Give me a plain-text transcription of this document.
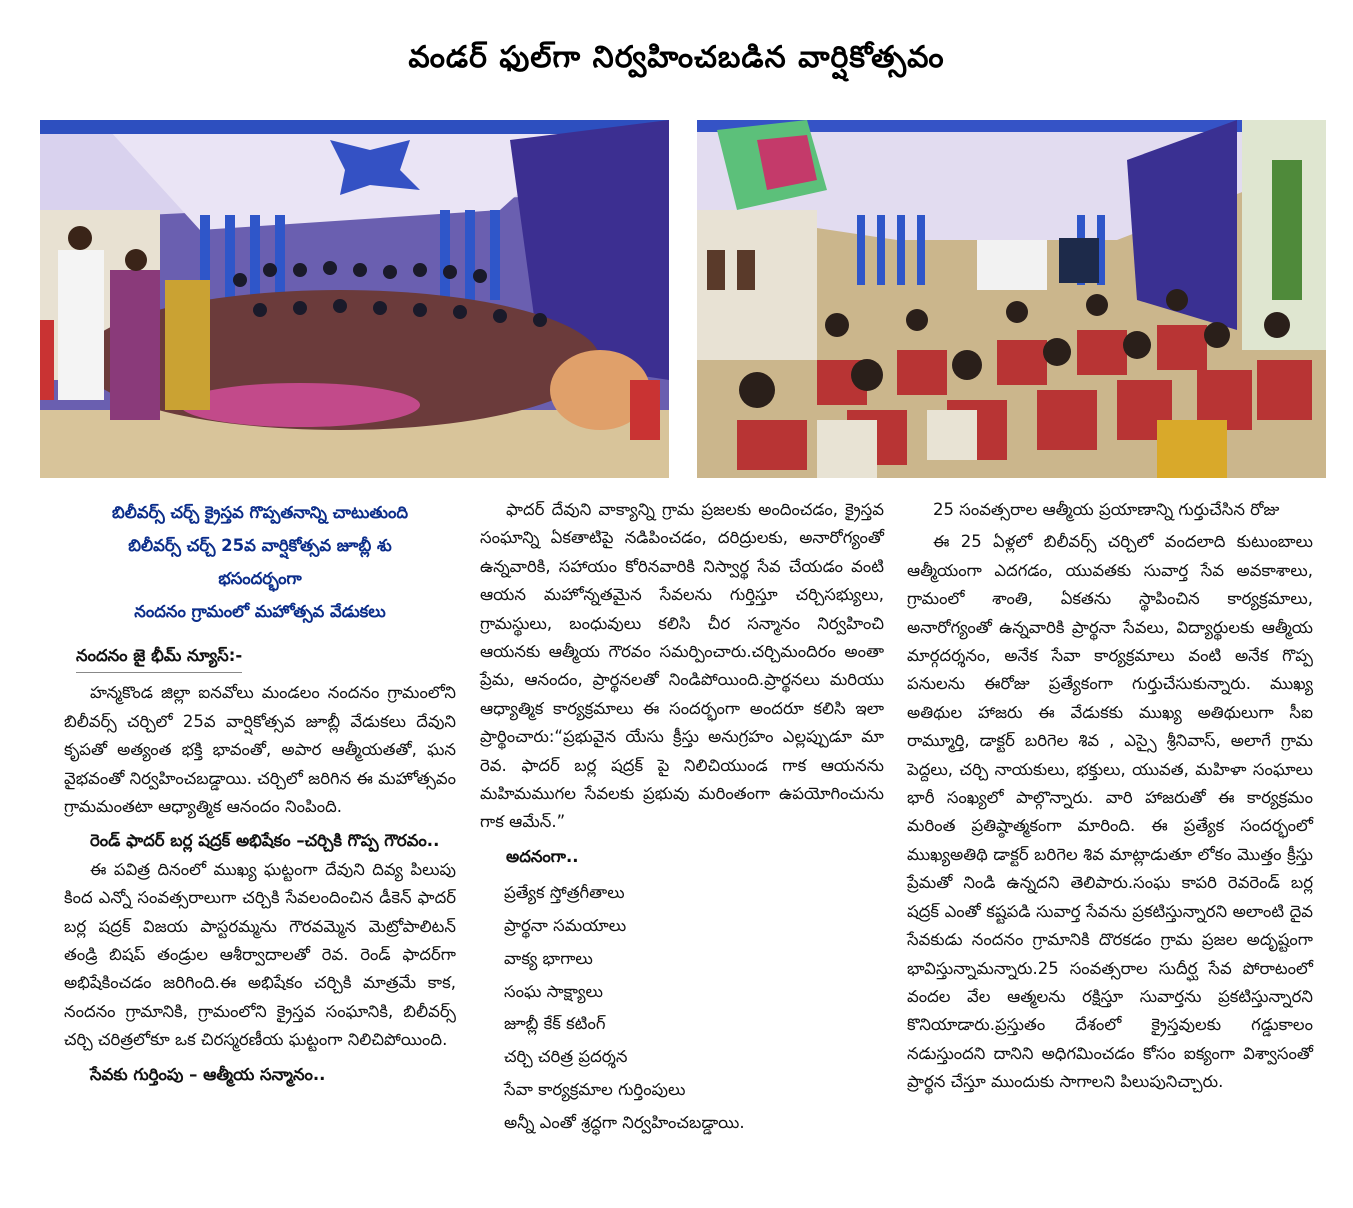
వండర్ ఫుల్‌గా నిర్వహించబడిన వార్షికోత్సవం

బిలీవర్స్ చర్చ్ క్రైస్తవ గొప్పతనాన్ని చాటుతుంది

బిలీవర్స్ చర్చ్ 25వ వార్షికోత్సవ జూబ్లీ శు

భసందర్భంగా

నందనం గ్రామంలో మహోత్సవ వేడుకలు

నందనం జై భీమ్ న్యూస్:-

హన్మకొండ జిల్లా ఐనవోలు మండలం నందనం గ్రామంలోని బిలీవర్స్ చర్చిలో 25వ వార్షికోత్సవ జూబ్లీ వేడుకలు దేవుని కృపతో అత్యంత భక్తి భావంతో, అపార ఆత్మీయతతో, ఘన వైభవంతో నిర్వహించబడ్డాయి. చర్చిలో జరిగిన ఈ మహోత్సవం గ్రామమంతటా ఆధ్యాత్మిక ఆనందం నింపింది.

రెండ్ ఫాదర్ బర్ల షద్రక్ అభిషేకం –చర్చికి గొప్ప గౌరవం..

ఈ పవిత్ర దినంలో ముఖ్య ఘట్టంగా దేవుని దివ్య పిలుపు కింద ఎన్నో సంవత్సరాలుగా చర్చికి సేవలందించిన డీకెన్ ఫాదర్ బర్ల షద్రక్ విజయ పాస్టరమ్మను గౌరవమ్మెన మెట్రోపాలిటన్ తండ్రి బిషప్ తండ్రుల ఆశీర్వాదాలతో రెవ. రెండ్ ఫాదర్‌గా అభిషేకించడం జరిగింది.ఈ అభిషేకం చర్చికి మాత్రమే కాక, నందనం గ్రామానికి, గ్రామంలోని క్రైస్తవ సంఘానికి, బిలీవర్స్ చర్చి చరిత్రలోకూ ఒక చిరస్మరణీయ ఘట్టంగా నిలిచిపోయింది.

సేవకు గుర్తింపు – ఆత్మీయ సన్మానం..

ఫాదర్ దేవుని వాక్యాన్ని గ్రామ ప్రజలకు అందించడం, క్రైస్తవ సంఘాన్ని ఏకతాటిపై నడిపించడం, దరిద్రులకు, అనారోగ్యంతో ఉన్నవారికి, సహాయం కోరినవారికి నిస్వార్థ సేవ చేయడం వంటి ఆయన మహోన్నతమైన సేవలను గుర్తిస్తూ చర్చిసభ్యులు, గ్రామస్థులు, బంధువులు కలిసి చీర సన్మానం నిర్వహించి ఆయనకు ఆత్మీయ గౌరవం సమర్పించారు.చర్చిమందిరం అంతా ప్రేమ, ఆనందం, ప్రార్థనలతో నిండిపోయింది.ప్రార్థనలు మరియు ఆధ్యాత్మిక కార్యక్రమాలు ఈ సందర్భంగా అందరూ కలిసి ఇలా ప్రార్థించారు:“ప్రభువైన యేసు క్రీస్తు అనుగ్రహం ఎల్లప్పుడూ మా రెవ. ఫాదర్ బర్ల షద్రక్ పై నిలిచియుండ గాక ఆయనను మహిమముగల సేవలకు ప్రభువు మరింతంగా ఉపయోగించును గాక ఆమేన్.”

అదనంగా..

ప్రత్యేక స్తోత్రగీతాలు
ప్రార్థనా సమయాలు
వాక్య భాగాలు
సంఘ సాక్ష్యాలు
జూబ్లీ కేక్ కటింగ్
చర్చి చరిత్ర ప్రదర్శన
సేవా కార్యక్రమాల గుర్తింపులు
అన్నీ ఎంతో శ్రద్ధగా నిర్వహించబడ్డాయి.

25 సంవత్సరాల ఆత్మీయ ప్రయాణాన్ని గుర్తుచేసిన రోజు

ఈ 25 ఏళ్లలో బిలీవర్స్ చర్చిలో వందలాది కుటుంబాలు ఆత్మీయంగా ఎదగడం, యువతకు సువార్త సేవ అవకాశాలు, గ్రామంలో శాంతి, ఏకతను స్థాపించిన కార్యక్రమాలు, అనారోగ్యంతో ఉన్నవారికి ప్రార్థనా సేవలు, విద్యార్థులకు ఆత్మీయ మార్గదర్శనం, అనేక సేవా కార్యక్రమాలు వంటి అనేక గొప్ప పనులను ఈరోజు ప్రత్యేకంగా గుర్తుచేసుకున్నారు. ముఖ్య అతిథుల హాజరు ఈ వేడుకకు ముఖ్య అతిథులుగా సీఐ రామ్మూర్తి, డాక్టర్ బరిగెల శివ , ఎస్సై శ్రీనివాస్, అలాగే గ్రామ పెద్దలు, చర్చి నాయకులు, భక్తులు, యువత, మహిళా సంఘాలు భారీ సంఖ్యలో పాల్గొన్నారు. వారి హాజరుతో ఈ కార్యక్రమం మరింత ప్రతిష్ఠాత్మకంగా మారింది. ఈ ప్రత్యేక సందర్భంలో ముఖ్యఅతిథి డాక్టర్ బరిగెల శివ మాట్లాడుతూ లోకం మొత్తం క్రీస్తు ప్రేమతో నిండి ఉన్నదని తెలిపారు.సంఘ కాపరి రెవరెండ్ బర్ల షద్రక్ ఎంతో కష్టపడి సువార్త సేవను ప్రకటిస్తున్నారని అలాంటి దైవ సేవకుడు నందనం గ్రామానికి దొరకడం గ్రామ ప్రజల అదృష్టంగా భావిస్తున్నామన్నారు.25 సంవత్సరాల సుదీర్ఘ సేవ పోరాటంలో వందల వేల ఆత్మలను రక్షిస్తూ సువార్తను ప్రకటిస్తున్నారని కొనియాడారు.ప్రస్తుతం దేశంలో క్రైస్తవులకు గడ్డుకాలం నడుస్తుందని దానిని అధిగమించడం కోసం ఐక్యంగా విశ్వాసంతో ప్రార్థన చేస్తూ ముందుకు సాగాలని పిలుపునిచ్చారు.
